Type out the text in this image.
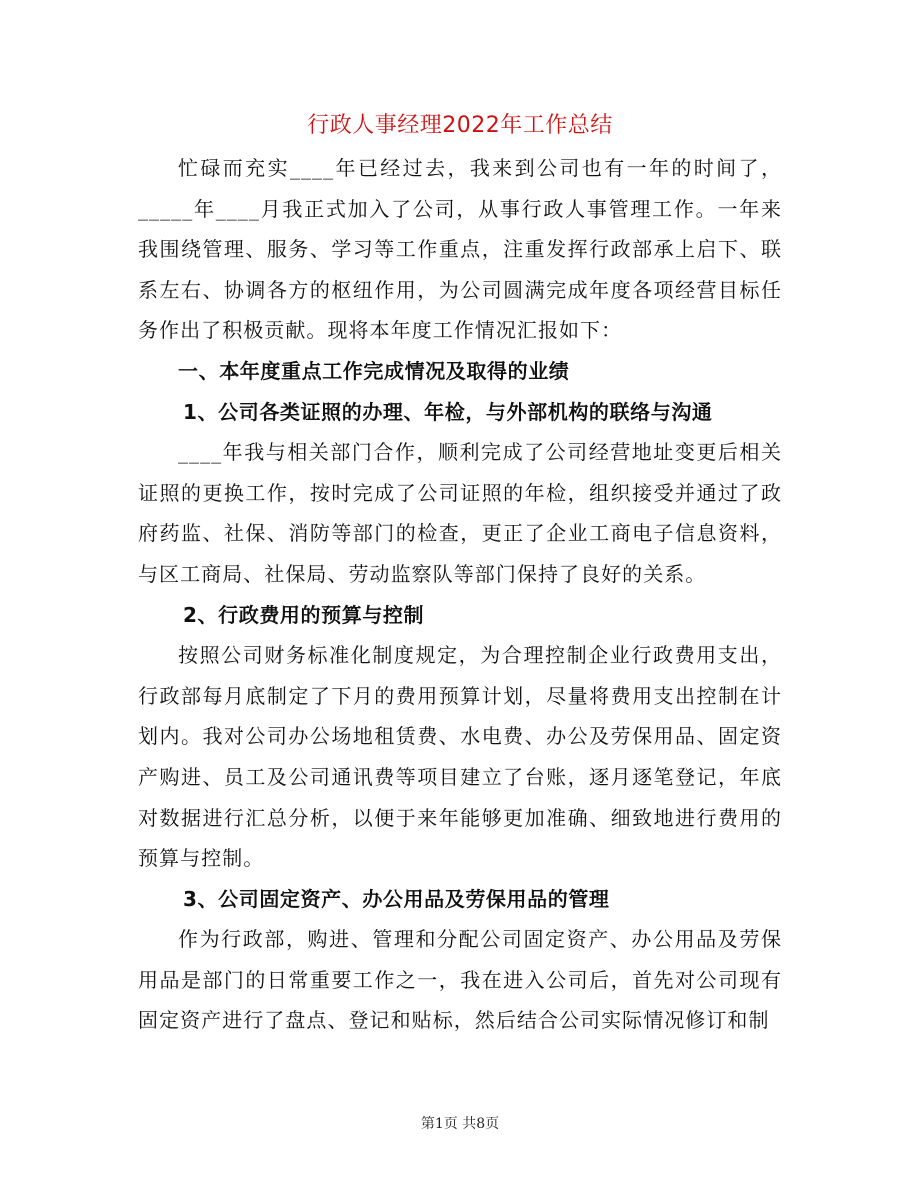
行政人事经理2022年工作总结

忙碌而充实____年已经过去，我来到公司也有一年的时间了，_____年____月我正式加入了公司，从事行政人事管理工作。一年来我围绕管理、服务、学习等工作重点，注重发挥行政部承上启下、联系左右、协调各方的枢纽作用，为公司圆满完成年度各项经营目标任务作出了积极贡献。现将本年度工作情况汇报如下：

一、本年度重点工作完成情况及取得的业绩

1、公司各类证照的办理、年检，与外部机构的联络与沟通

____年我与相关部门合作，顺利完成了公司经营地址变更后相关证照的更换工作，按时完成了公司证照的年检，组织接受并通过了政府药监、社保、消防等部门的检查，更正了企业工商电子信息资料，与区工商局、社保局、劳动监察队等部门保持了良好的关系。

2、行政费用的预算与控制

按照公司财务标准化制度规定，为合理控制企业行政费用支出，行政部每月底制定了下月的费用预算计划，尽量将费用支出控制在计划内。我对公司办公场地租赁费、水电费、办公及劳保用品、固定资产购进、员工及公司通讯费等项目建立了台账，逐月逐笔登记，年底对数据进行汇总分析，以便于来年能够更加准确、细致地进行费用的预算与控制。

3、公司固定资产、办公用品及劳保用品的管理

作为行政部，购进、管理和分配公司固定资产、办公用品及劳保用品是部门的日常重要工作之一，我在进入公司后，首先对公司现有固定资产进行了盘点、登记和贴标，然后结合公司实际情况修订和制

第1页 共8页
